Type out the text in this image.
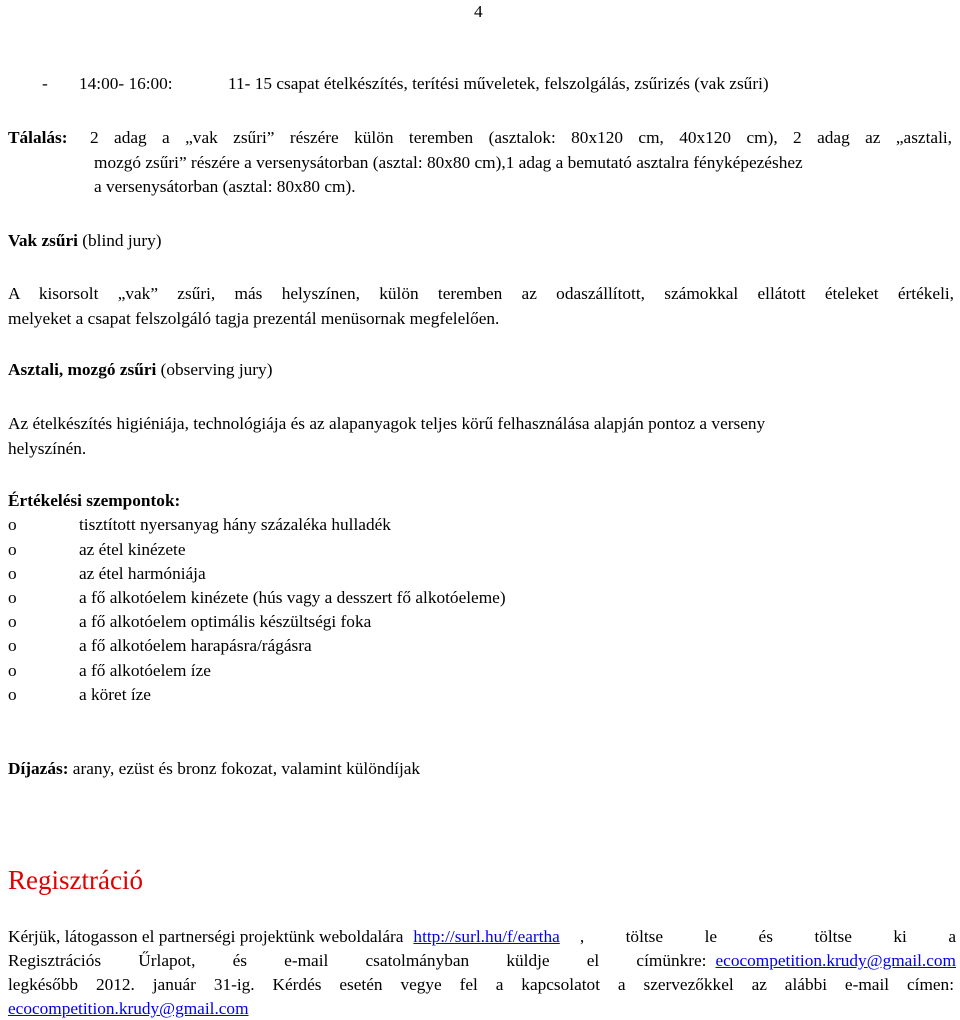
4
- 14:00- 16:00:	11- 15 csapat ételkészítés, terítési műveletek, felszolgálás, zsűrizés (vak zsűri)
Tálalás: 2 adag a „vak zsűri” részére külön teremben (asztalok: 80x120 cm, 40x120 cm), 2 adag az „asztali,
mozgó zsűri” részére a versenysátorban (asztal: 80x80 cm),1 adag a bemutató asztalra fényképezéshez
a versenysátorban (asztal: 80x80 cm).
Vak zsűri (blind jury)
A kisorsolt „vak” zsűri, más helyszínen, külön teremben az odaszállított, számokkal ellátott ételeket értékeli,
melyeket a csapat felszolgáló tagja prezentál menüsornak megfelelően.
Asztali, mozgó zsűri (observing jury)
Az ételkészítés higiéniája, technológiája és az alapanyagok teljes körű felhasználása alapján pontoz a verseny
helyszínén.
Értékelési szempontok:
o	tisztított nyersanyag hány százaléka hulladék
o	az étel kinézete
o	az étel harmóniája
o	a fő alkotóelem kinézete (hús vagy a desszert fő alkotóeleme)
o	a fő alkotóelem optimális készültségi foka
o	a fő alkotóelem harapásra/rágásra
o	a fő alkotóelem íze
o	a köret íze
Díjazás: arany, ezüst és bronz fokozat, valamint különdíjak
Regisztráció
Kérjük, látogasson el partnerségi projektünk weboldalára http://surl.hu/f/eartha , töltse le és töltse ki a
Regisztrációs Űrlapot, és e-mail csatolmányban küldje el címünkre: ecocompetition.krudy@gmail.com
legkésőbb 2012. január 31-ig. Kérdés esetén vegye fel a kapcsolatot a szervezőkkel az alábbi e-mail címen:
ecocompetition.krudy@gmail.com
